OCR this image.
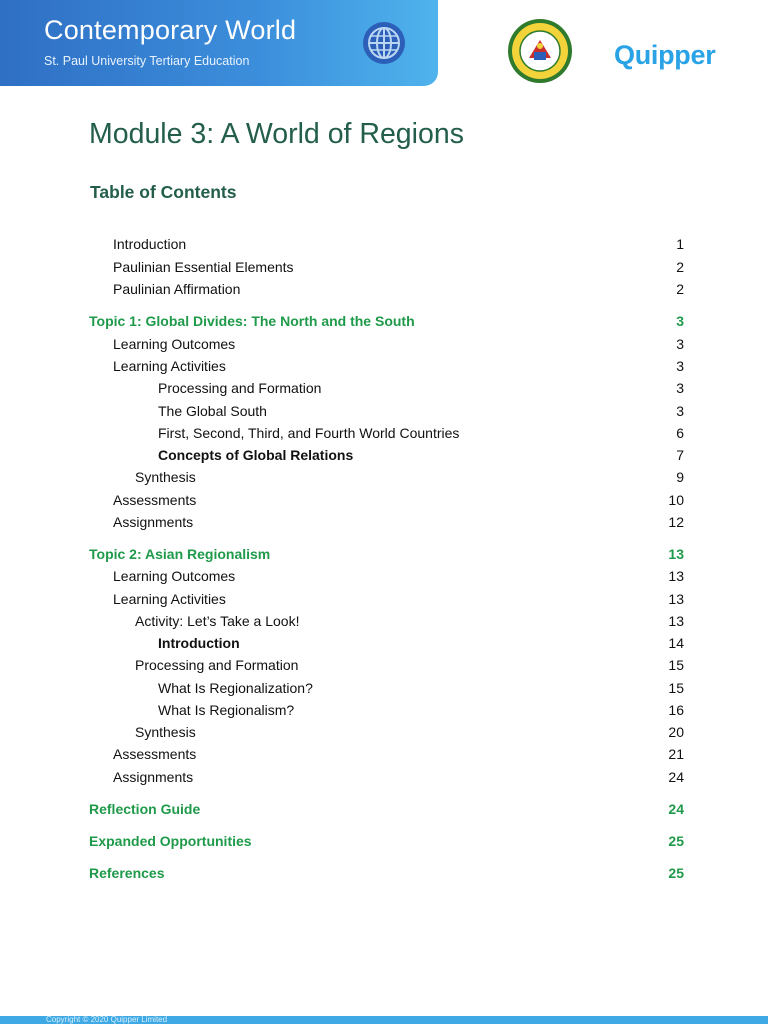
Contemporary World
St. Paul University Tertiary Education	Quipper
Module 3: A World of Regions
Table of Contents
Introduction	1
Paulinian Essential Elements	2
Paulinian Affirmation	2
Topic 1: Global Divides: The North and the South	3
Learning Outcomes	3
Learning Activities	3
Processing and Formation	3
The Global South	3
First, Second, Third, and Fourth World Countries	6
Concepts of Global Relations	7
Synthesis	9
Assessments	10
Assignments	12
Topic 2: Asian Regionalism	13
Learning Outcomes	13
Learning Activities	13
Activity: Let’s Take a Look!	13
Introduction	14
Processing and Formation	15
What Is Regionalization?	15
What Is Regionalism?	16
Synthesis	20
Assessments	21
Assignments	24
Reflection Guide	24
Expanded Opportunities	25
References	25
Copyright © 2020 Quipper Limited
